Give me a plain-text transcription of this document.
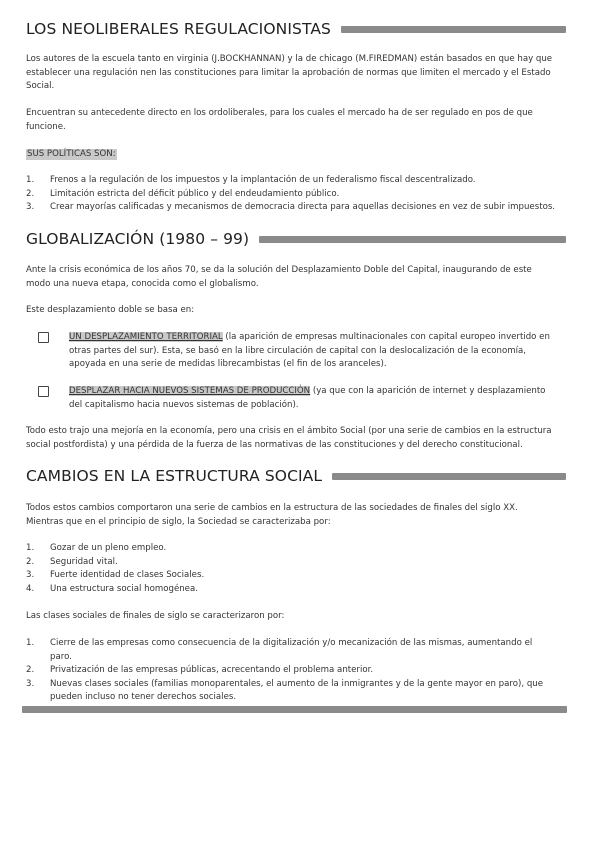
LOS NEOLIBERALES REGULACIONISTAS

Los autores de la escuela tanto en virginia (J.BOCKHANNAN) y la de chicago (M.FIREDMAN) están basados en que hay que establecer una regulación nen las constituciones para limitar la aprobación de normas que limiten el mercado y el Estado Social.

Encuentran su antecedente directo en los ordoliberales, para los cuales el mercado ha de ser regulado en pos de que funcione.

SUS POLÍTICAS SON:
1.	Frenos a la regulación de los impuestos y la implantación de un federalismo fiscal descentralizado.
2.	Limitación estricta del déficit público y del endeudamiento público.
3.	Crear mayorías calificadas y mecanismos de democracia directa para aquellas decisiones en vez de subir impuestos.
GLOBALIZACIÓN (1980 – 99)

Ante la crisis económica de los años 70, se da la solución del Desplazamiento Doble del Capital, inaugurando de este modo una nueva etapa, conocida como el globalismo.

Este desplazamiento doble se basa en:

UN DESPLAZAMIENTO TERRITORIAL (la aparición de empresas multinacionales con capital europeo invertido en otras partes del sur). Esta, se basó en la libre circulación de capital con la deslocalización de la economía, apoyada en una serie de medidas librecambistas (el fin de los aranceles).
DESPLAZAR HACIA NUEVOS SISTEMAS DE PRODUCCIÓN (ya que con la aparición de internet y desplazamiento del capitalismo hacia nuevos sistemas de población).

Todo esto trajo una mejoría en la economía, pero una crisis en el ámbito Social (por una serie de cambios en la estructura social postfordista) y una pérdida de la fuerza de las normativas de las constituciones y del derecho constitucional.

CAMBIOS EN LA ESTRUCTURA SOCIAL

Todos estos cambios comportaron una serie de cambios en la estructura de las sociedades de finales del siglo XX. Mientras que en el principio de siglo, la Sociedad se caracterizaba por:

1.	Gozar de un pleno empleo.
2.	Seguridad vital.
3.	Fuerte identidad de clases Sociales.
4.	Una estructura social homogénea.

Las clases sociales de finales de siglo se caracterizaron por:

1.	Cierre de las empresas como consecuencia de la digitalización y/o mecanización de las mismas, aumentando el paro.
2.	Privatización de las empresas públicas, acrecentando el problema anterior.
3.	Nuevas clases sociales (familias monoparentales, el aumento de la inmigrantes y de la gente mayor en paro), que pueden incluso no tener derechos sociales.
